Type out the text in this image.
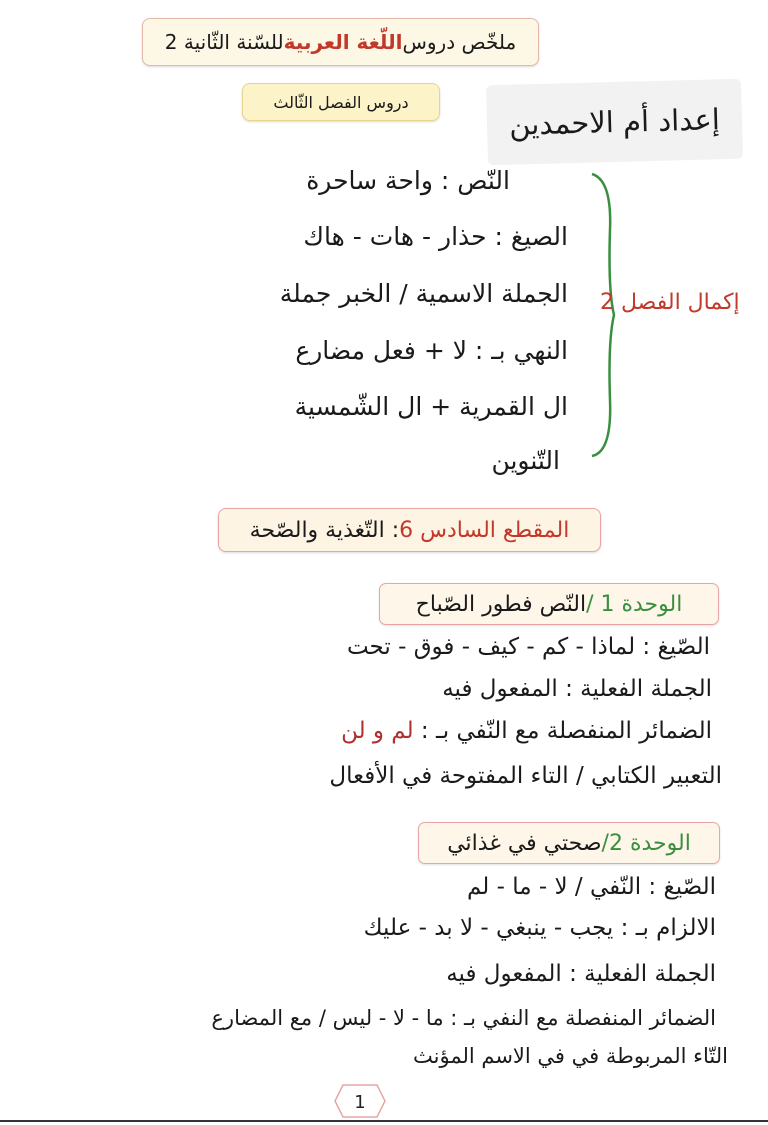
ملخّص دروس
اللّغة العربية
للسّنة الثّانية 2
دروس الفصل الثّالث
إعداد أم الاحمدين
النّص : واحة ساحرة
الصيغ : حذار - هات - هاك
الجملة الاسمية / الخبر جملة
النهي بـ : لا + فعل مضارع
ال القمرية + ال الشّمسية
التّنوين
إكمال الفصل 2
المقطع السادس 6
: التّغذية والصّحة
الوحدة 1 /
النّص فطور الصّباح
الصّيغ : لماذا - كم - كيف - فوق - تحت
الجملة الفعلية : المفعول فيه
الضمائر المنفصلة مع النّفي بـ : لم و لن
التعبير الكتابي / التاء المفتوحة في الأفعال
الوحدة 2/
صحتي في غذائي
الصّيغ : النّفي / لا - ما - لم
الالزام بـ : يجب - ينبغي - لا بد - عليك
الجملة الفعلية : المفعول فيه
الضمائر المنفصلة مع النفي بـ : ما - لا - ليس / مع المضارع
التّاء المربوطة في في الاسم المؤنث
1
